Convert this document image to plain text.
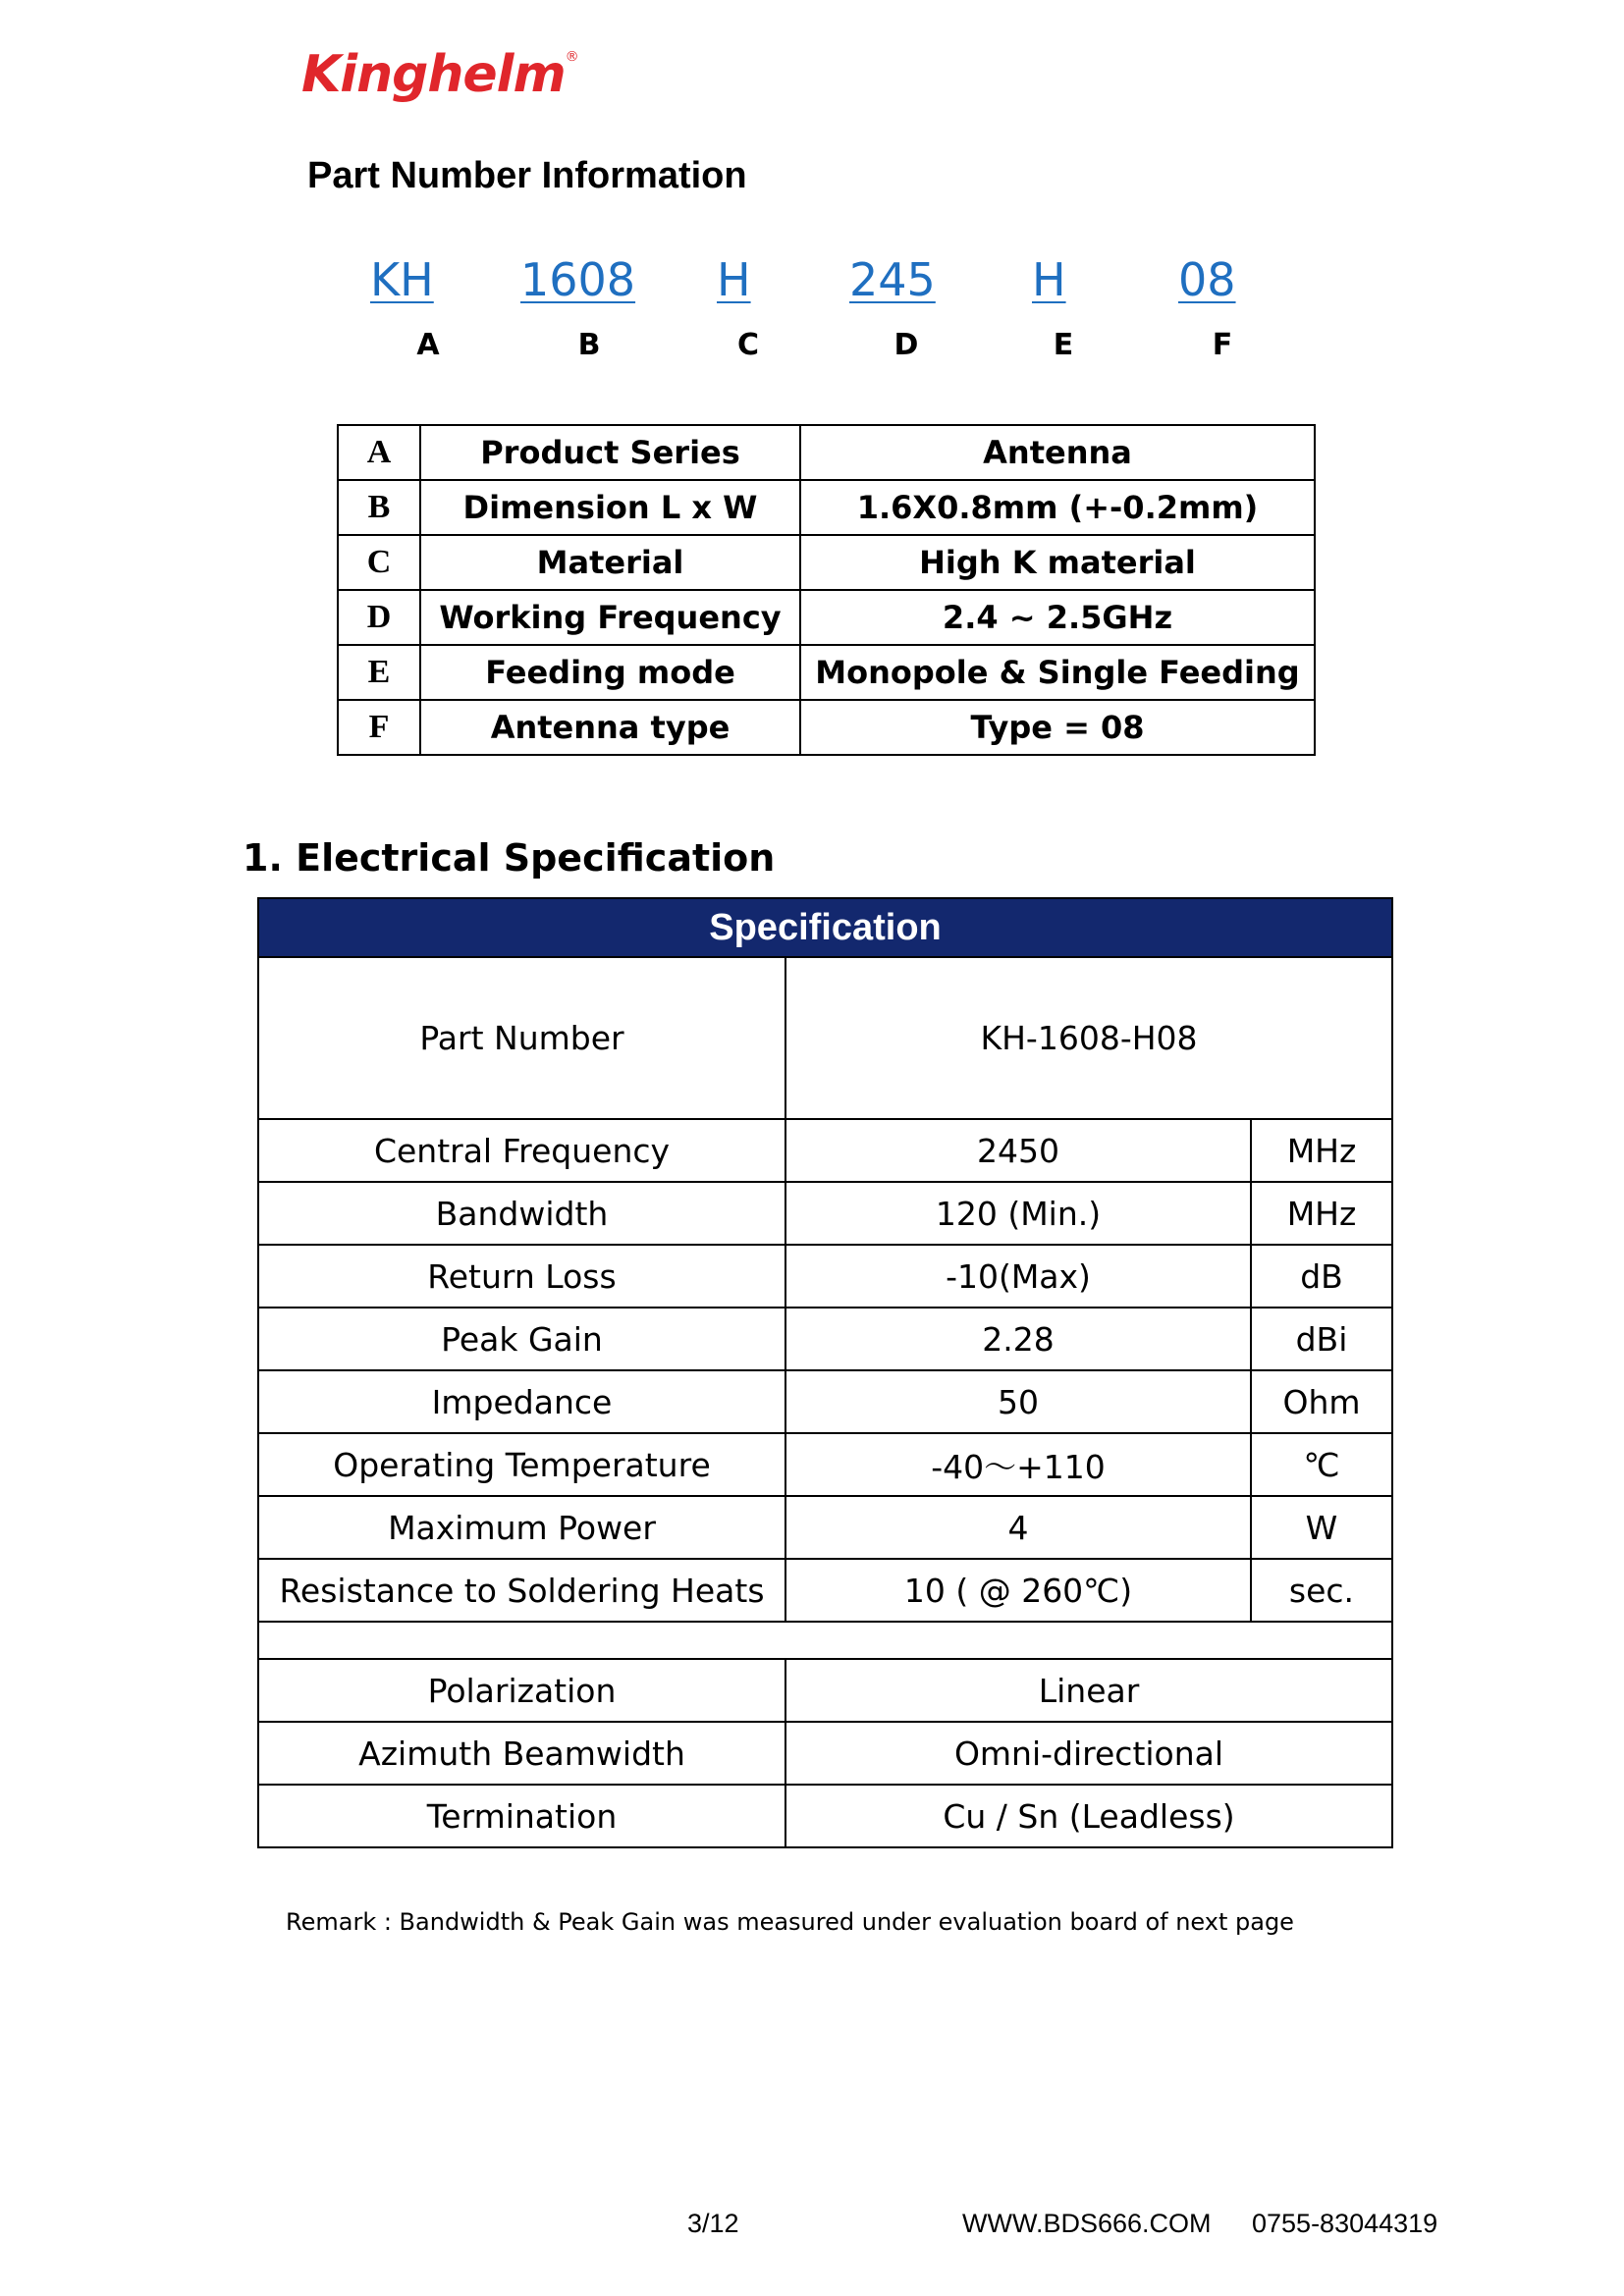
Kinghelm®
Part Number Information
KH 1608 H 245 H 08
A	B	C	D	E	F
A	Product Series	Antenna
B	Dimension L x W	1.6X0.8mm (+-0.2mm)
C	Material	High K material
D	Working Frequency	2.4 ~ 2.5GHz
E	Feeding mode	Monopole & Single Feeding
F	Antenna type	Type = 08
1. Electrical Specification
Specification		
Part Number	KH-1608-H08	
Central Frequency	2450	MHz
Bandwidth	120 (Min.)	MHz
Return Loss	-10(Max)	dB
Peak Gain	2.28	dBi
Impedance	50	Ohm
Operating Temperature	-40～+110	℃
Maximum Power	4	W
Resistance to Soldering Heats	10 ( @ 260℃)	sec.

Polarization	Linear	
Azimuth Beamwidth	Omni-directional	
Termination	Cu / Sn (Leadless)	
Remark : Bandwidth & Peak Gain was measured under evaluation board of next page
3/12	WWW.BDS666.COM 0755-83044319
